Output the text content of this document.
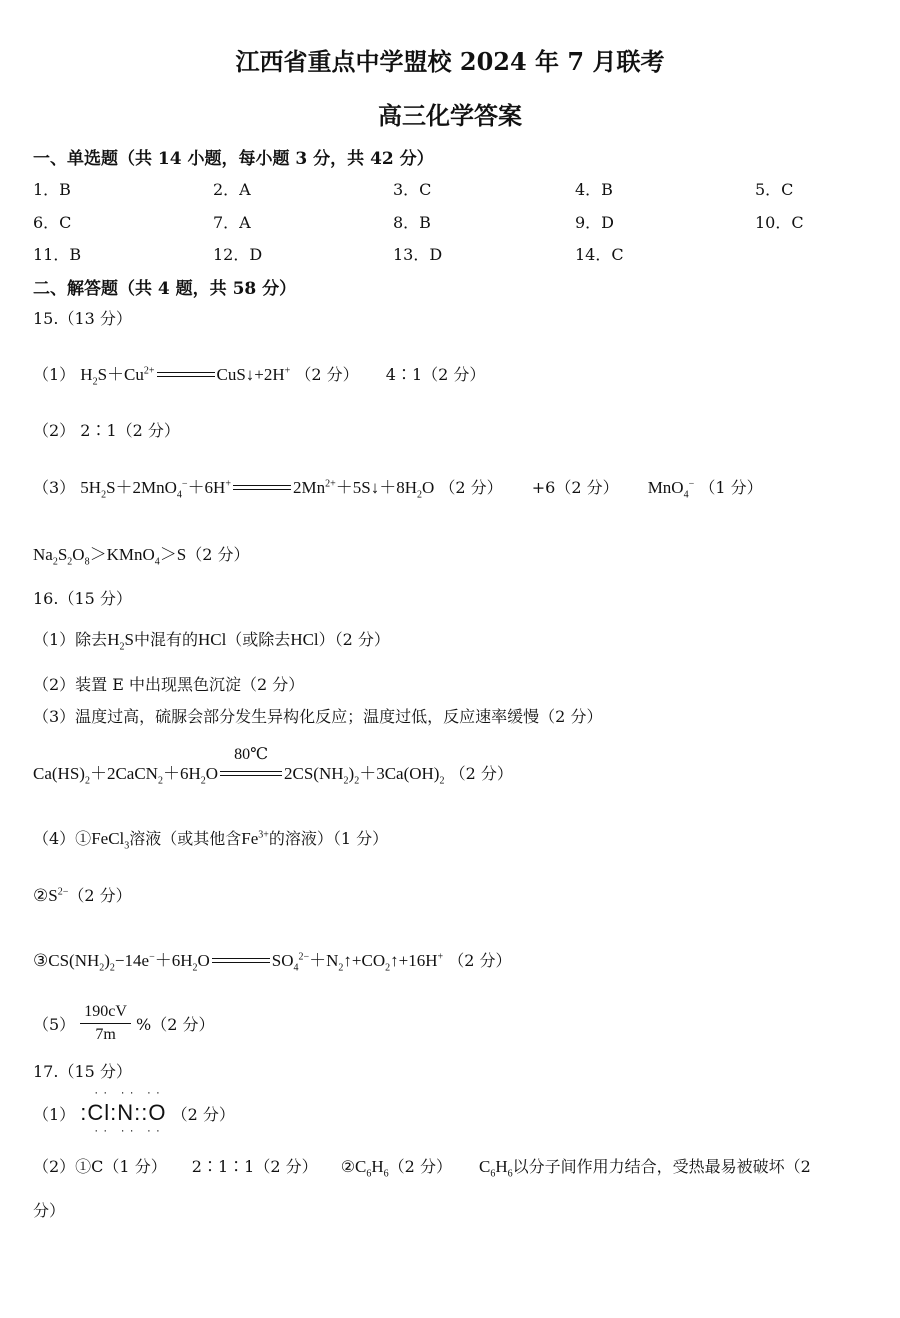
江西省重点中学盟校 2024 年 7 月联考
高三化学答案
一、单选题（共 14 小题，每小题 3 分，共 42 分）
1．B	2．A	3．C	4．B	5．C
6．C	7．A	8．B	9．D	10．C
11．B	12．D	13．D	14．C
二、解答题（共 4 题，共 58 分）
15.（13 分）
（1） $H_2S+Cu^{2+}$	CuS↓+2H+ （2 分） 4∶1（2 分）
（2） 2∶1（2 分）
（3） $5H_2S+2MnO_4^-+6H^+$	$2Mn^{2+}+5S↓+8H_2O$ （2 分） +6（2 分） MnO$_4$− （1 分）
$Na_2S_2O_8>KMnO_4>S(2$ 分）
16.（15 分）
（1）除去$H_2S$中混有的HCl（或除去HCl）（2 分）
（2）装置 E 中出现黑色沉淀（2 分）
（3）温度过高，硫脲会部分发生异构化反应；温度过低，反应速率缓慢（2 分）
$Ca(HS)_2+2CaCN_2+6H_2O$
80℃
$2CS(NH_2)_2+3Ca(OH)_2$ （2 分）
（4）①FeCl$_3$溶液（或其他含$Fe^{3+}$的溶液）（1 分）
$②S^{2-}(2$ 分）
$③CS(NH_2)_2-14e^-+6H_2O$	$SO_4^{2-}+N_2↑+CO_2↑+16H^+$ （2 分）
$(5) \frac{190cV}{7m} \%(2$ 分）
17.（15 分）
（1）
·· ·· ··
:Cl:N::O
·· ·· ··
（2 分）
（2）①C（1 分） 2∶1∶1（2 分） $②C_6H_6(2$ 分） $C_6H_6$以分子间作用力结合，受热最易被破坏（2
分）
